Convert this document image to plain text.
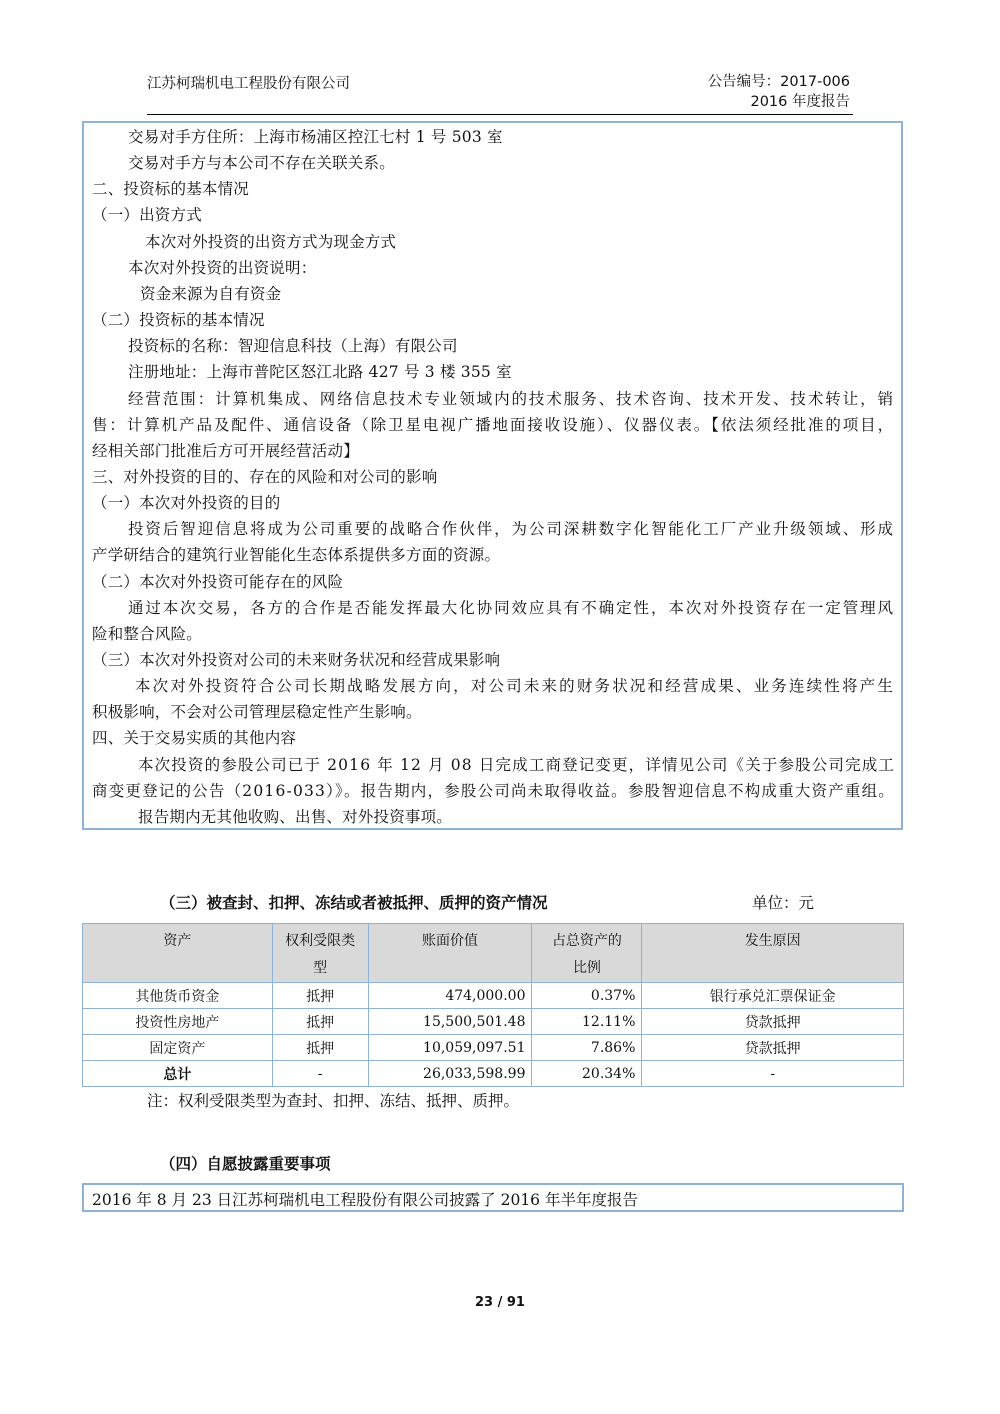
江苏柯瑞机电工程股份有限公司	公告编号：2017-006
2016 年度报告
交易对手方住所：上海市杨浦区控江七村 1 号 503 室
交易对手方与本公司不存在关联关系。
二、投资标的基本情况
（一）出资方式
本次对外投资的出资方式为现金方式
本次对外投资的出资说明：
资金来源为自有资金
（二）投资标的基本情况
投资标的名称：智迎信息科技（上海）有限公司
注册地址：上海市普陀区怒江北路 427 号 3 楼 355 室
经营范围：计算机集成、网络信息技术专业领域内的技术服务、技术咨询、技术开发、技术转让，销
售：计算机产品及配件、通信设备（除卫星电视广播地面接收设施）、仪器仪表。【依法须经批准的项目，
经相关部门批准后方可开展经营活动】
三、对外投资的目的、存在的风险和对公司的影响
（一）本次对外投资的目的
投资后智迎信息将成为公司重要的战略合作伙伴，为公司深耕数字化智能化工厂产业升级领域、形成
产学研结合的建筑行业智能化生态体系提供多方面的资源。
（二）本次对外投资可能存在的风险
通过本次交易，各方的合作是否能发挥最大化协同效应具有不确定性，本次对外投资存在一定管理风
险和整合风险。
（三）本次对外投资对公司的未来财务状况和经营成果影响
本次对外投资符合公司长期战略发展方向，对公司未来的财务状况和经营成果、业务连续性将产生
积极影响，不会对公司管理层稳定性产生影响。
四、关于交易实质的其他内容
本次投资的参股公司已于 2016 年 12 月 08 日完成工商登记变更，详情见公司《关于参股公司完成工
商变更登记的公告（2016-033）》。报告期内，参股公司尚未取得收益。参股智迎信息不构成重大资产重组。
报告期内无其他收购、出售、对外投资事项。
（三）被查封、扣押、冻结或者被抵押、质押的资产情况	单位：元
资产	权利受限类型	账面价值	占总资产的比例	发生原因
其他货币资金	抵押	474,000.00	0.37%	银行承兑汇票保证金
投资性房地产	抵押	15,500,501.48	12.11%	贷款抵押
固定资产	抵押	10,059,097.51	7.86%	贷款抵押
总计	-	26,033,598.99	20.34%	-
注：权利受限类型为查封、扣押、冻结、抵押、质押。
（四）自愿披露重要事项
2016 年 8 月 23 日江苏柯瑞机电工程股份有限公司披露了 2016 年半年度报告
23 / 91
